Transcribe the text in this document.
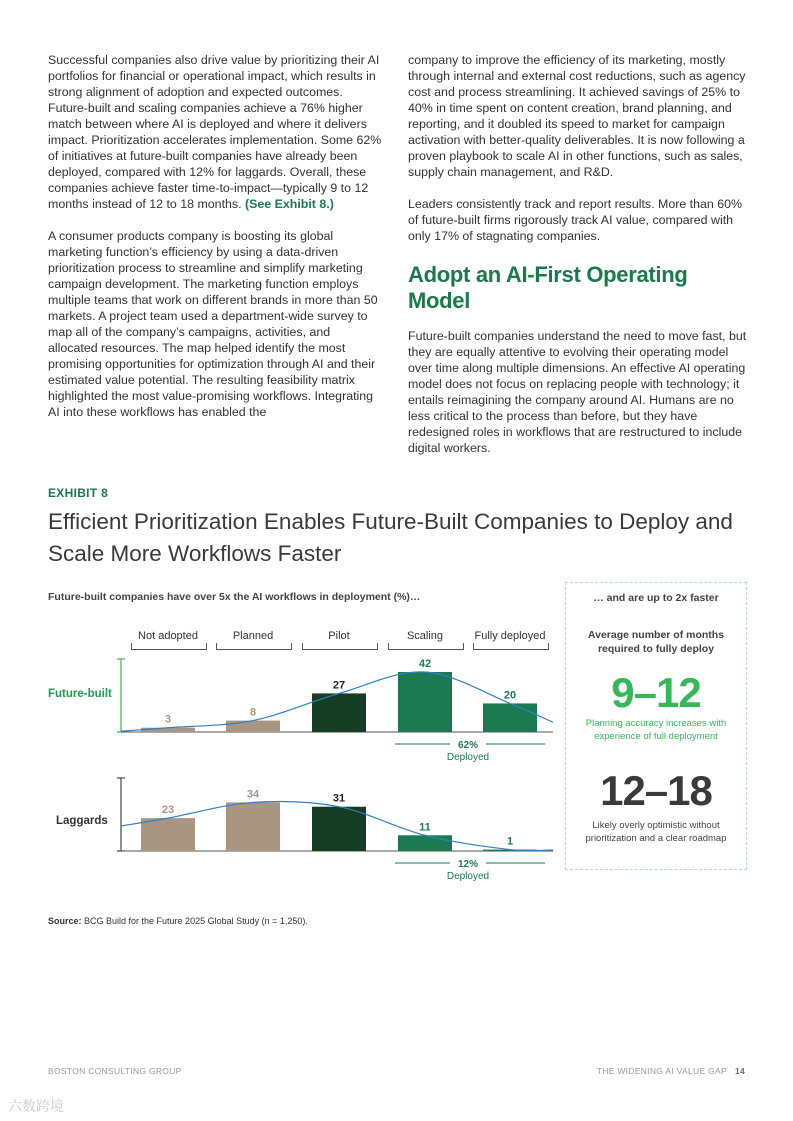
Successful companies also drive value by prioritizing their AI portfolios for financial or operational impact, which results in strong alignment of adoption and expected outcomes. Future-built and scaling companies achieve a 76% higher match between where AI is deployed and where it delivers impact. Prioritization accelerates implementation. Some 62% of initiatives at future-built companies have already been deployed, compared with 12% for laggards. Overall, these companies achieve faster time-to-impact—typically 9 to 12 months instead of 12 to 18 months. (See Exhibit 8.)

A consumer products company is boosting its global marketing function’s efficiency by using a data-driven prioritization process to streamline and simplify marketing campaign development. The marketing function employs multiple teams that work on different brands in more than 50 markets. A project team used a department-wide survey to map all of the company’s campaigns, activities, and allocated resources. The map helped identify the most promising opportunities for optimization through AI and their estimated value potential. The resulting feasibility matrix highlighted the most value-promising workflows. Integrating AI into these workflows has enabled the

company to improve the efficiency of its marketing, mostly through internal and external cost reductions, such as agency cost and process streamlining. It achieved savings of 25% to 40% in time spent on content creation, brand planning, and reporting, and it doubled its speed to market for campaign activation with better-quality deliverables. It is now following a proven playbook to scale AI in other functions, such as sales, supply chain management, and R&D.

Leaders consistently track and report results. More than 60% of future-built firms rigorously track AI value, compared with only 17% of stagnating companies.

Adopt an AI-First Operating Model

Future-built companies understand the need to move fast, but they are equally attentive to evolving their operating model over time along multiple dimensions. An effective AI operating model does not focus on replacing people with technology; it entails reimagining the company around AI. Humans are no less critical to the process than before, but they have redesigned roles in workflows that are restructured to include digital workers.

EXHIBIT 8
Efficient Prioritization Enables Future-Built Companies to Deploy and Scale More Workflows Faster
Future-built companies have over 5x the AI workflows in deployment (%)…
Not adopted	Planned	Pilot	Scaling	Fully deployed
Future-built
Laggards
3
8
27
42
20
62%
Deployed
23
34	31
11
1
12%
Deployed
… and are up to 2x faster
Average number of months required to fully deploy
9–12
Planning accuracy increases with experience of full deployment
12–18
Likely overly optimistic without prioritization and a clear roadmap
Source: BCG Build for the Future 2025 Global Study (n = 1,250).
BOSTON CONSULTING GROUP	THE WIDENING AI VALUE GAP 14
六数跨境
